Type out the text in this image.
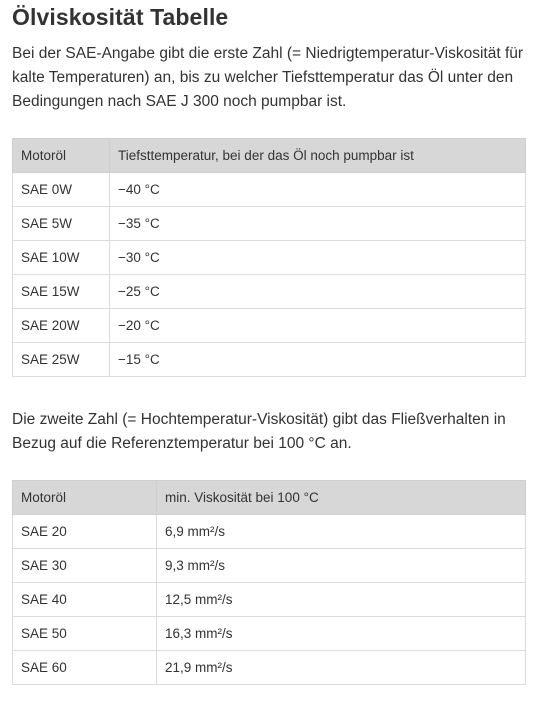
Ölviskosität Tabelle

Bei der SAE-Angabe gibt die erste Zahl (= Niedrigtemperatur-Viskosität für kalte Temperaturen) an, bis zu welcher Tiefsttemperatur das Öl unter den Bedingungen nach SAE J 300 noch pumpbar ist.

Motoröl	Tiefsttemperatur, bei der das Öl noch pumpbar ist
SAE 0W	−40 °C
SAE 5W	−35 °C
SAE 10W	−30 °C
SAE 15W	−25 °C
SAE 20W	−20 °C
SAE 25W	−15 °C

Die zweite Zahl (= Hochtemperatur-Viskosität) gibt das Fließverhalten in Bezug auf die Referenztemperatur bei 100 °C an.

Motoröl	min. Viskosität bei 100 °C
SAE 20	6,9 mm²/s
SAE 30	9,3 mm²/s
SAE 40	12,5 mm²/s
SAE 50	16,3 mm²/s
SAE 60	21,9 mm²/s
